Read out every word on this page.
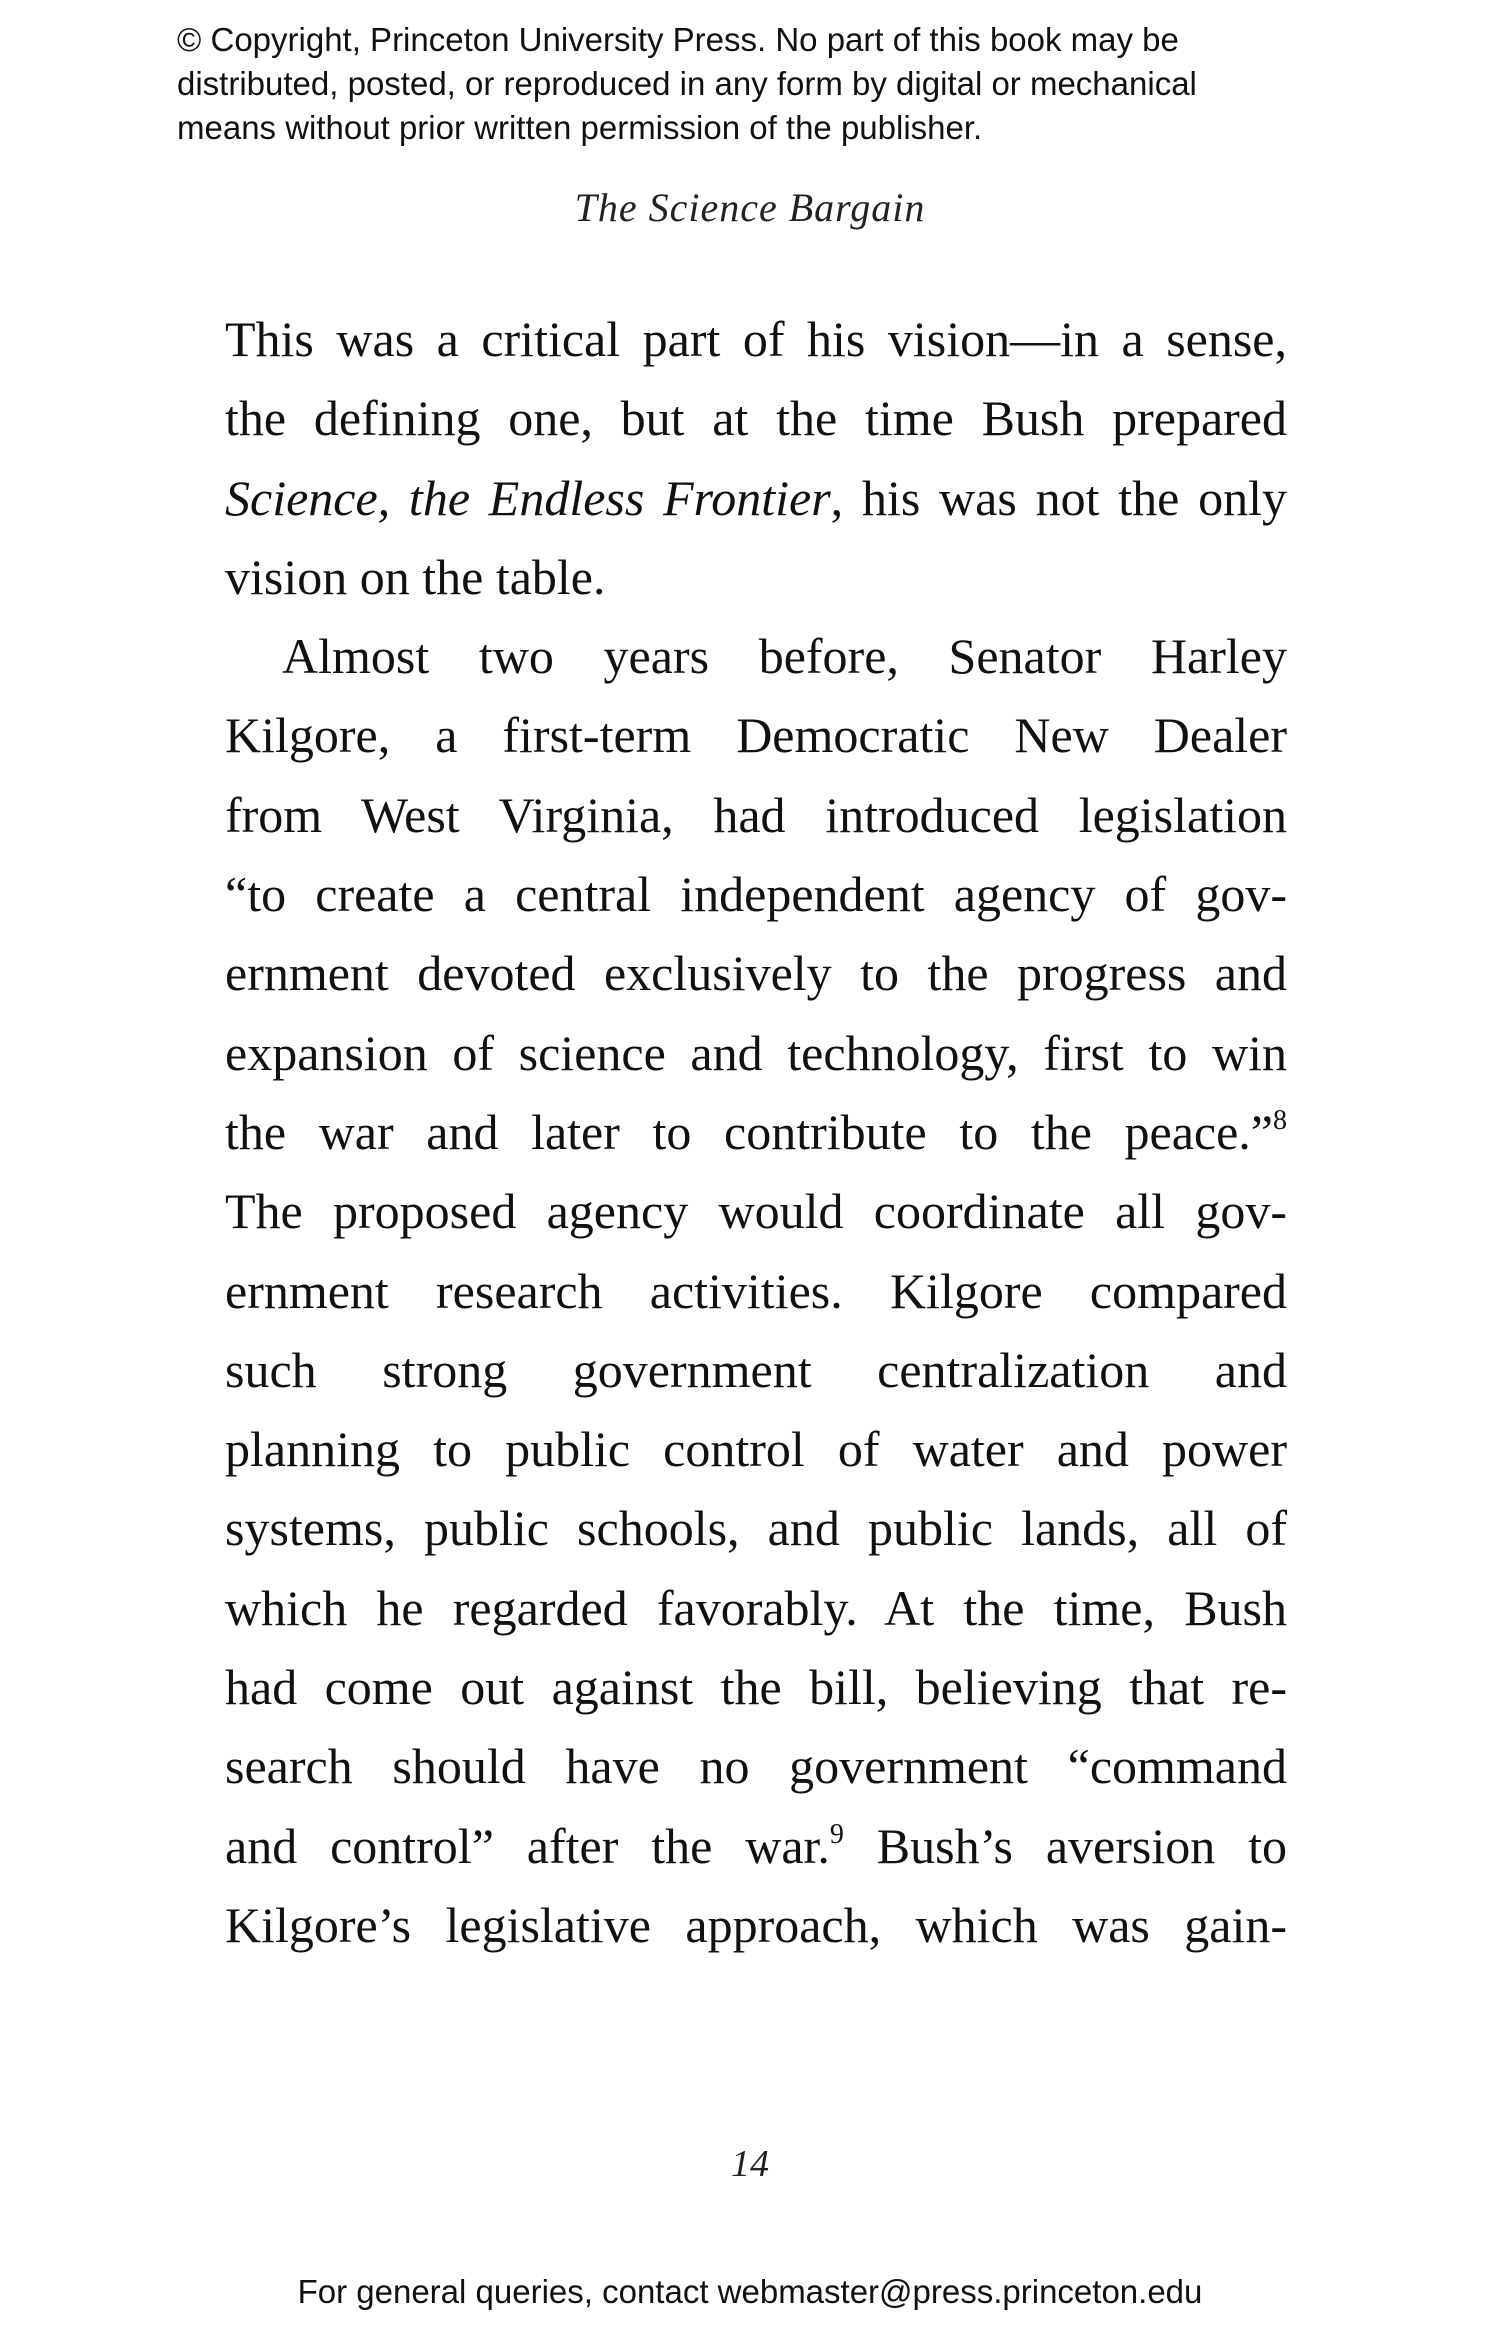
© Copyright, Princeton University Press. No part of this book may be
distributed, posted, or reproduced in any form by digital or mechanical
means without prior written permission of the publisher.
The Science Bargain
This was a critical part of his vision—in a sense,
the defining one, but at the time Bush prepared
Science, the Endless Frontier, his was not the only
vision on the table.
Almost two years before, Senator Harley
Kilgore, a first-term Democratic New Dealer
from West Virginia, had introduced legislation
“to create a central independent agency of gov-
ernment devoted exclusively to the progress and
expansion of science and technology, first to win
the war and later to contribute to the peace.”$^8$
The proposed agency would coordinate all gov-
ernment research activities. Kilgore compared
such strong government centralization and
planning to public control of water and power
systems, public schools, and public lands, all of
which he regarded favorably. At the time, Bush
had come out against the bill, believing that re-
search should have no government “command
and control” after the war.$^9$ Bush’s aversion to
Kilgore’s legislative approach, which was gain-
14
For general queries, contact webmaster@press.princeton.edu
